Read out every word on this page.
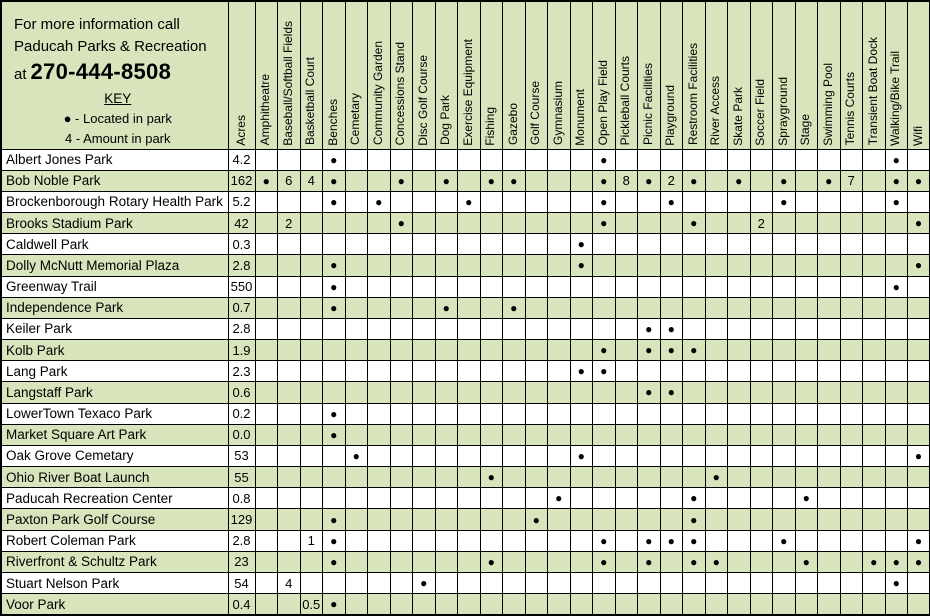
For more information call
Paducah Parks & Recreation
at 270-444-8508
KEY
● - Located in park
4 - Amount in park	Acres	Amphitheatre	Baseball/Softball Fields	Basketball Court	Benches	Cemetary	Community Garden	Concessions Stand	Disc Golf Course	Dog Park	Exercise Equipment	Fishing	Gazebo	Golf Course	Gymnasium	Monument	Open Play Field	Pickleball Courts	Picnic Facilities	Playground	Restroom Facilities	River Access	Skate Park	Soccer Field	Sprayground	Stage	Swimming Pool	Tennis Courts	Transient Boat Dock	Walking/Bike Trail	Wifi

Albert Jones Park	4.2				●												●													●	
Bob Noble Park	162	●	6	4	●			●		●		●	●				●	8	●	2	●		●		●		●	7		●	●
Brockenborough Rotary Health Park	5.2				●		●				●						●			●					●					●	
Brooks Stadium Park	42		2					●									●				●			2							●
Caldwell Park	0.3															●															
Dolly McNutt Memorial Plaza	2.8				●											●															●
Greenway Trail	550				●																									●	
Independence Park	0.7				●					●			●																		
Keiler Park	2.8																		●	●											
Kolb Park	1.9																●		●	●	●										
Lang Park	2.3															●	●														
Langstaff Park	0.6																		●	●											
LowerTown Texaco Park	0.2				●																										
Market Square Art Park	0.0				●																										
Oak Grove Cemetary	53					●										●															●
Ohio River Boat Launch	55											●										●									
Paducah Recreation Center	0.8														●						●					●					
Paxton Park Golf Course	129				●									●							●										
Robert Coleman Park	2.8			1	●												●		●	●	●				●						●
Riverfront & Schultz Park	23				●							●					●		●		●	●				●			●	●	●
Stuart Nelson Park	54		4						●																					●	
Voor Park	0.4			0.5	●																										
